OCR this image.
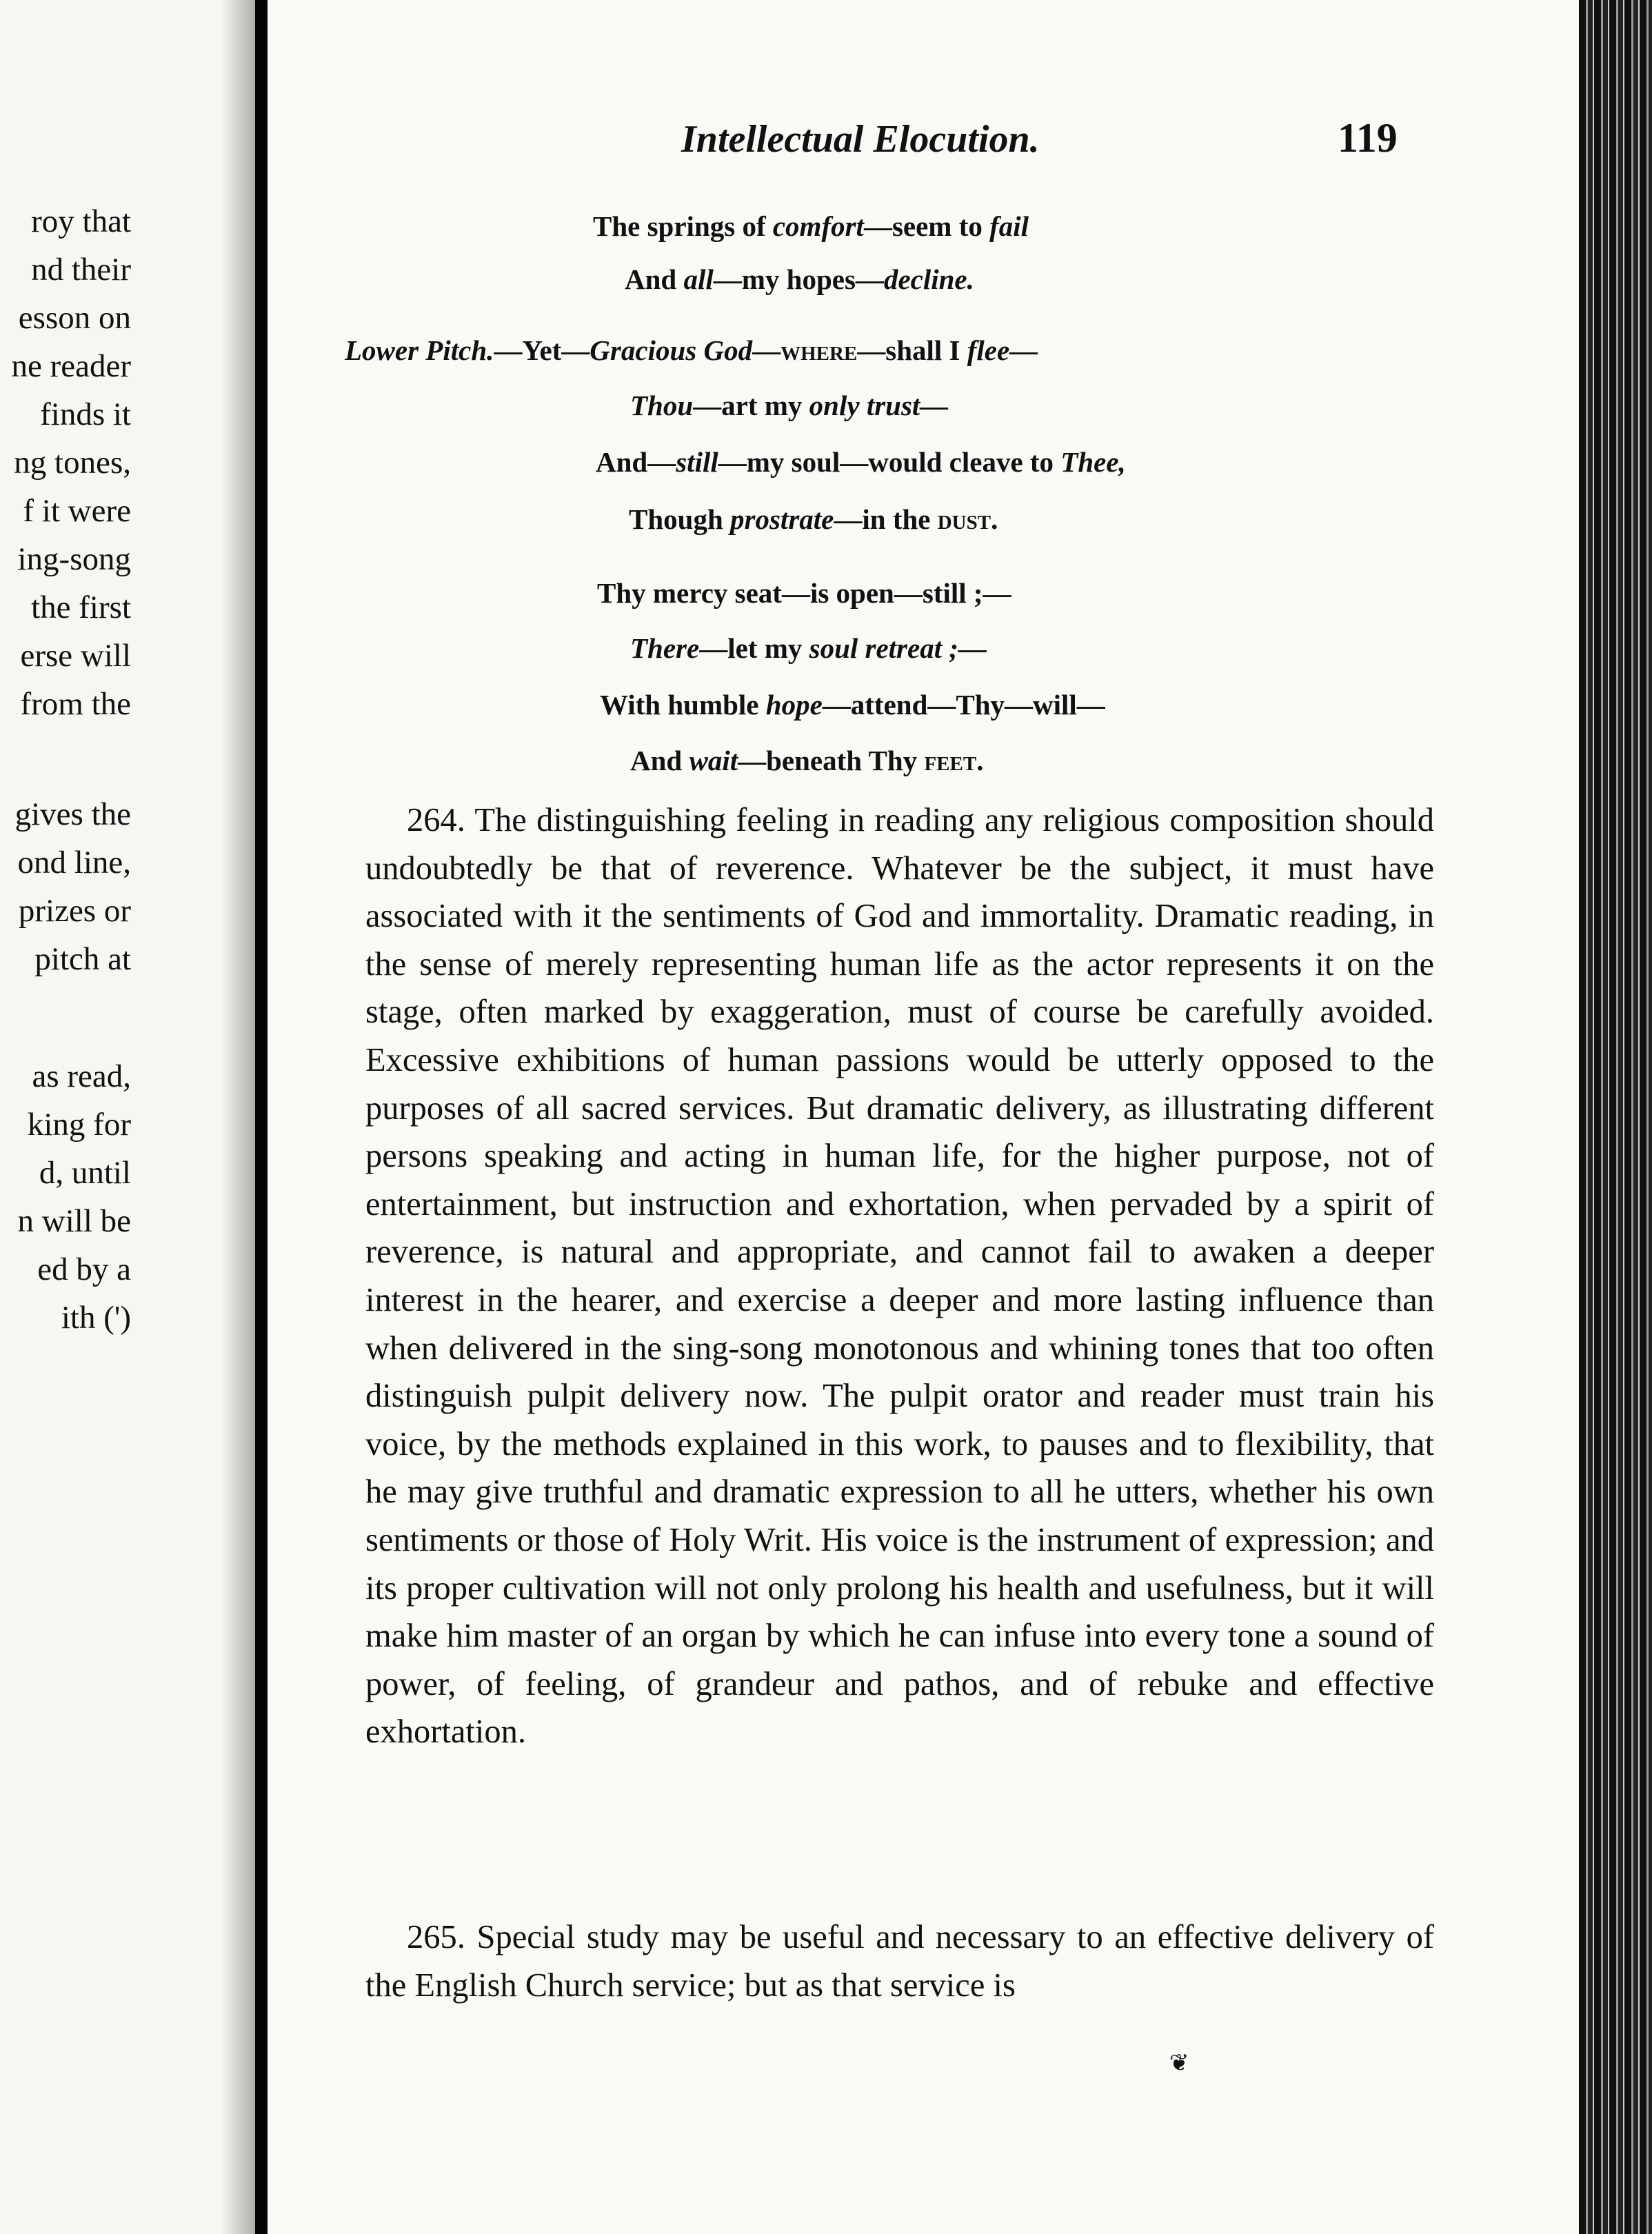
roy that
nd their
esson on
ne reader
finds it
ng tones,
f it were
ing-song
the first
erse will
from the
gives the
ond line,
prizes or
pitch at
as read,
king for
d, until
n will be
ed by a
ith (')
Intellectual Elocution.	119
The springs of comfort—seem to fail
And all—my hopes—decline.
Lower Pitch.—Yet—Gracious God—where—shall I flee—
Thou—art my only trust—
And—still—my soul—would cleave to Thee,
Though prostrate—in the dust.
Thy mercy seat—is open—still ;—
There—let my soul retreat ;—
With humble hope—attend—Thy—will—
And wait—beneath Thy feet.
264. The distinguishing feeling in reading any religious composition should undoubtedly be that of reverence. Whatever be the subject, it must have associated with it the sentiments of God and immortality. Dramatic reading, in the sense of merely representing human life as the actor represents it on the stage, often marked by exaggeration, must of course be carefully avoided. Excessive exhibitions of human passions would be utterly opposed to the purposes of all sacred services. But dramatic delivery, as illustrating different persons speaking and acting in human life, for the higher purpose, not of entertainment, but instruction and exhortation, when pervaded by a spirit of reverence, is natural and appropriate, and cannot fail to awaken a deeper interest in the hearer, and exercise a deeper and more lasting influence than when delivered in the sing-song monotonous and whining tones that too often distinguish pulpit delivery now. The pulpit orator and reader must train his voice, by the methods explained in this work, to pauses and to flexibility, that he may give truthful and dramatic expression to all he utters, whether his own sentiments or those of Holy Writ. His voice is the instrument of expression; and its proper cultivation will not only prolong his health and usefulness, but it will make him master of an organ by which he can infuse into every tone a sound of power, of feeling, of grandeur and pathos, and of rebuke and effective exhortation.
265. Special study may be useful and necessary to an effective delivery of the English Church service; but as that service is
❦
